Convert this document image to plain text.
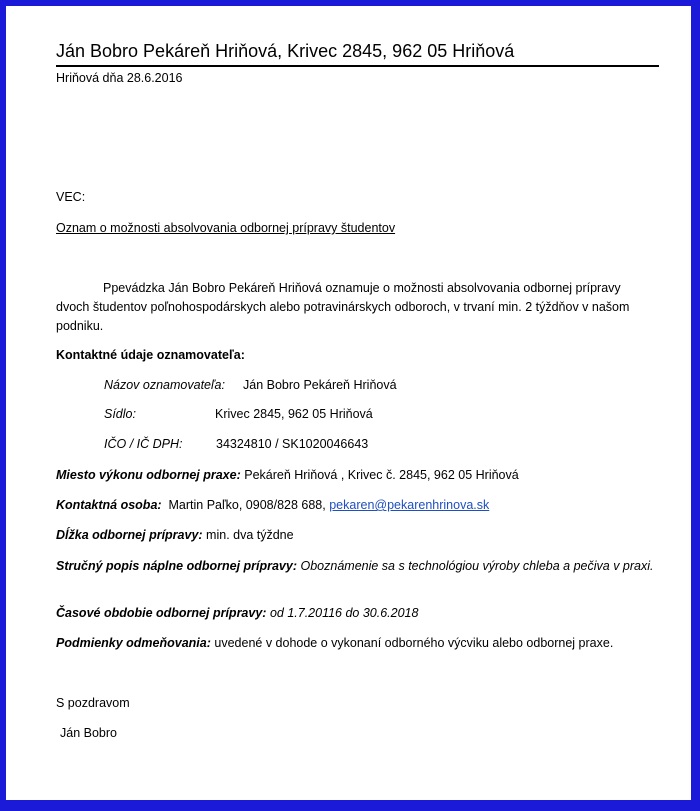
Ján Bobro Pekáreň Hriňová, Krivec 2845, 962 05 Hriňová
Hriňová dňa 28.6.2016
VEC:
Oznam o možnosti absolvovania odbornej prípravy študentov
Ppevádzka Ján Bobro Pekáreň Hriňová oznamuje o možnosti absolvovania odbornej prípravy dvoch študentov poľnohospodárskych alebo potravinárskych odboroch, v trvaní min. 2 týždňov v našom podniku.
Kontaktné údaje oznamovateľa:
Názov oznamovateľa: Ján Bobro Pekáreň Hriňová
Sídlo:	Krivec 2845, 962 05 Hriňová
IČO / IČ DPH:	34324810 / SK1020046643
Miesto výkonu odbornej praxe: Pekáreň Hriňová , Krivec č. 2845, 962 05 Hriňová
Kontaktná osoba: Martin Paľko, 0908/828 688, pekaren@pekarenhrinova.sk
Dĺžka odbornej prípravy: min. dva týždne
Stručný popis náplne odbornej prípravy: Oboznámenie sa s technológiou výroby chleba a pečiva v praxi.
Časové obdobie odbornej prípravy: od 1.7.20116 do 30.6.2018
Podmienky odmeňovania: uvedené v dohode o vykonaní odborného výcviku alebo odbornej praxe.
S pozdravom
Ján Bobro
